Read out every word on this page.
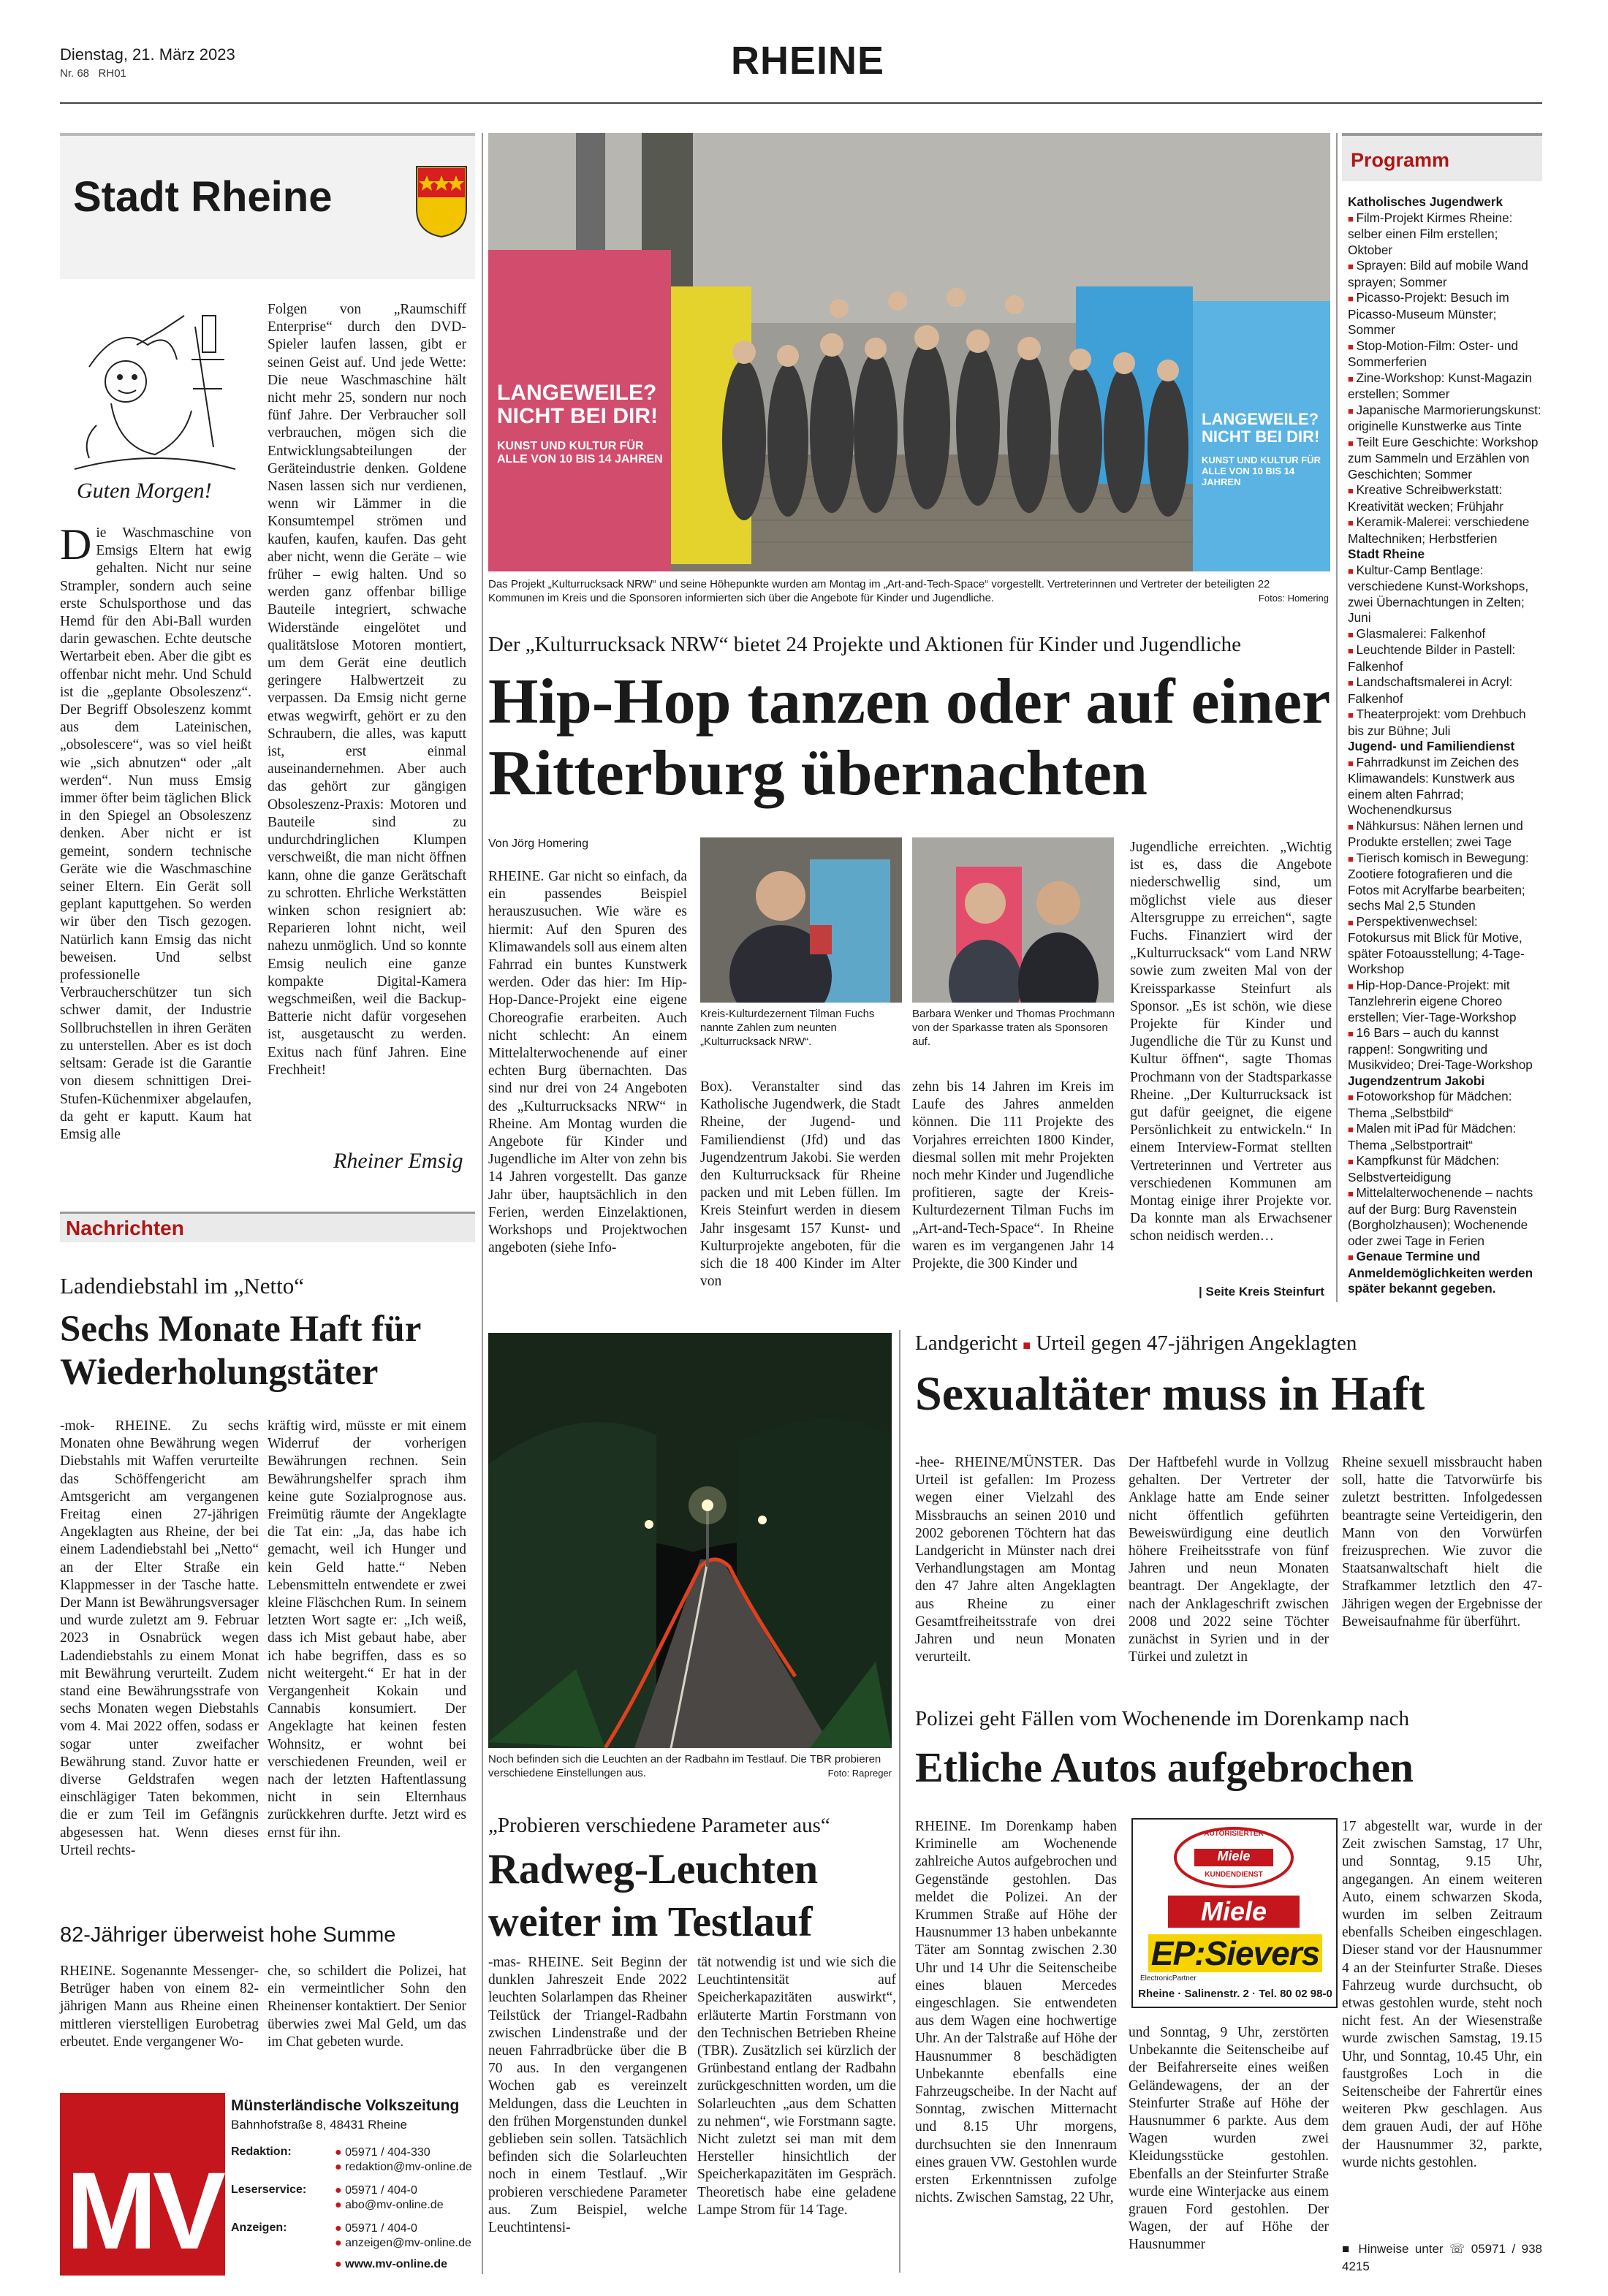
Dienstag, 21. März 2023
Nr. 68 RH01	RHEINE
Stadt Rheine
Guten Morgen!
Die Waschmaschine von Emsigs Eltern hat ewig gehalten. Nicht nur seine Strampler, sondern auch seine erste Schulsporthose und das Hemd für den Abi-Ball wurden darin gewaschen. Echte deutsche Wertarbeit eben. Aber die gibt es offenbar nicht mehr. Und Schuld ist die „geplante Obsoleszenz“. Der Begriff Obsoleszenz kommt aus dem Lateinischen, „obsolescere“, was so viel heißt wie „sich abnutzen“ oder „alt werden“. Nun muss Emsig immer öfter beim täglichen Blick in den Spiegel an Obsoleszenz denken. Aber nicht er ist gemeint, sondern technische Geräte wie die Waschmaschine seiner Eltern. Ein Gerät soll geplant kaputtgehen. So werden wir über den Tisch gezogen. Natürlich kann Emsig das nicht beweisen. Und selbst professionelle Verbraucherschützer tun sich schwer damit, der Industrie Sollbruchstellen in ihren Geräten zu unterstellen. Aber es ist doch seltsam: Gerade ist die Garantie von diesem schnittigen Drei-Stufen-Küchenmixer abgelaufen, da geht er kaputt. Kaum hat Emsig alle
Folgen von „Raumschiff Enterprise“ durch den DVD-Spieler laufen lassen, gibt er seinen Geist auf. Und jede Wette: Die neue Waschmaschine hält nicht mehr 25, sondern nur noch fünf Jahre. Der Verbraucher soll verbrauchen, mögen sich die Entwicklungsabteilungen der Geräteindustrie denken. Goldene Nasen lassen sich nur verdienen, wenn wir Lämmer in die Konsumtempel strömen und kaufen, kaufen, kaufen. Das geht aber nicht, wenn die Geräte – wie früher – ewig halten. Und so werden ganz offenbar billige Bauteile integriert, schwache Widerstände eingelötet und qualitätslose Motoren montiert, um dem Gerät eine deutlich geringere Halbwertzeit zu verpassen. Da Emsig nicht gerne etwas wegwirft, gehört er zu den Schraubern, die alles, was kaputt ist, erst einmal auseinandernehmen. Aber auch das gehört zur gängigen Obsoleszenz-Praxis: Motoren und Bauteile sind zu undurchdringlichen Klumpen verschweißt, die man nicht öffnen kann, ohne die ganze Gerätschaft zu schrotten. Ehrliche Werkstätten winken schon resigniert ab: Reparieren lohnt nicht, weil nahezu unmöglich. Und so konnte Emsig neulich eine ganze kompakte Digital-Kamera wegschmeißen, weil die Backup-Batterie nicht dafür vorgesehen ist, ausgetauscht zu werden. Exitus nach fünf Jahren. Eine Frechheit!
Rheiner Emsig
Nachrichten
Ladendiebstahl im „Netto“
Sechs Monate Haft für Wiederholungstäter
-mok- RHEINE. Zu sechs Monaten ohne Bewährung wegen Diebstahls mit Waffen verurteilte das Schöffengericht am Amtsgericht am vergangenen Freitag einen 27-jährigen Angeklagten aus Rheine, der bei einem Ladendiebstahl bei „Netto“ an der Elter Straße ein Klappmesser in der Tasche hatte. Der Mann ist Bewährungsversager und wurde zuletzt am 9. Februar 2023 in Osnabrück wegen Ladendiebstahls zu einem Monat mit Bewährung verurteilt. Zudem stand eine Bewährungsstrafe von sechs Monaten wegen Diebstahls vom 4. Mai 2022 offen, sodass er sogar unter zweifacher Bewährung stand. Zuvor hatte er diverse Geldstrafen wegen einschlägiger Taten bekommen, die er zum Teil im Gefängnis abgesessen hat. Wenn dieses Urteil rechts-
kräftig wird, müsste er mit einem Widerruf der vorherigen Bewährungen rechnen. Sein Bewährungshelfer sprach ihm keine gute Sozialprognose aus. Freimütig räumte der Angeklagte die Tat ein: „Ja, das habe ich gemacht, weil ich Hunger und kein Geld hatte.“ Neben Lebensmitteln entwendete er zwei kleine Fläschchen Rum. In seinem letzten Wort sagte er: „Ich weiß, dass ich Mist gebaut habe, aber ich habe begriffen, dass es so nicht weitergeht.“ Er hat in der Vergangenheit Kokain und Cannabis konsumiert. Der Angeklagte hat keinen festen Wohnsitz, er wohnt bei verschiedenen Freunden, weil er nach der letzten Haftentlassung nicht in sein Elternhaus zurückkehren durfte. Jetzt wird es ernst für ihn.
82-Jähriger überweist hohe Summe
RHEINE. Sogenannte Messenger-Betrüger haben von einem 82-jährigen Mann aus Rheine einen mittleren vierstelligen Eurobetrag erbeutet. Ende vergangener Wo-
che, so schildert die Polizei, hat ein vermeintlicher Sohn den Rheinenser kontaktiert. Der Senior überwies zwei Mal Geld, um das im Chat gebeten wurde.
MV
Münsterländische Volkszeitung
Bahnhofstraße 8, 48431 Rheine
Redaktion:	● 05971 / 404-330
● redaktion@mv-online.de
Leserservice: ● 05971 / 404-0
● abo@mv-online.de
Anzeigen:	● 05971 / 404-0
● anzeigen@mv-online.de
● www.mv-online.de
LANGEWEILE? NICHT BEI DIR!
KUNST UND KULTUR FÜR ALLE VON 10 BIS 14 JAHREN
LANGEWEILE? NICHT BEI DIR!
KUNST UND KULTUR FÜR ALLE VON 10 BIS 14 JAHREN
Das Projekt „Kulturrucksack NRW“ und seine Höhepunkte wurden am Montag im „Art-and-Tech-Space“ vorgestellt. Vertreterinnen und Vertreter der beteiligten 22 Kommunen im Kreis und die Sponsoren informierten sich über die Angebote für Kinder und Jugendliche.	Fotos: Homering
Der „Kulturrucksack NRW“ bietet 24 Projekte und Aktionen für Kinder und Jugendliche
Hip-Hop tanzen oder auf einer Ritterburg übernachten
Von Jörg Homering
RHEINE. Gar nicht so einfach, da ein passendes Beispiel herauszusuchen. Wie wäre es hiermit: Auf den Spuren des Klimawandels soll aus einem alten Fahrrad ein buntes Kunstwerk werden. Oder das hier: Im Hip-Hop-Dance-Projekt eine eigene Choreografie erarbeiten. Auch nicht schlecht: An einem Mittelalterwochenende auf einer echten Burg übernachten. Das sind nur drei von 24 Angeboten des „Kulturrucksacks NRW“ in Rheine. Am Montag wurden die Angebote für Kinder und Jugendliche im Alter von zehn bis 14 Jahren vorgestellt. Das ganze Jahr über, hauptsächlich in den Ferien, werden Einzelaktionen, Workshops und Projektwochen angeboten (siehe Info-
Kreis-Kulturdezernent Tilman Fuchs nannte Zahlen zum neunten „Kulturrucksack NRW“.
Barbara Wenker und Thomas Prochmann von der Sparkasse traten als Sponsoren auf.
Box). Veranstalter sind das Katholische Jugendwerk, die Stadt Rheine, der Jugend- und Familiendienst (Jfd) und das Jugendzentrum Jakobi. Sie werden den Kulturrucksack für Rheine packen und mit Leben füllen. Im Kreis Steinfurt werden in diesem Jahr insgesamt 157 Kunst- und Kulturprojekte angeboten, für die sich die 18 400 Kinder im Alter von
zehn bis 14 Jahren im Kreis im Laufe des Jahres anmelden können. Die 111 Projekte des Vorjahres erreichten 1800 Kinder, diesmal sollen mit mehr Projekten noch mehr Kinder und Jugendliche profitieren, sagte der Kreis-Kulturdezernent Tilman Fuchs im „Art-and-Tech-Space“. In Rheine waren es im vergangenen Jahr 14 Projekte, die 300 Kinder und
Jugendliche erreichten. „Wichtig ist es, dass die Angebote niederschwellig sind, um möglichst viele aus dieser Altersgruppe zu erreichen“, sagte Fuchs. Finanziert wird der „Kulturrucksack“ vom Land NRW sowie zum zweiten Mal von der Kreissparkasse Steinfurt als Sponsor. „Es ist schön, wie diese Projekte für Kinder und Jugendliche die Tür zu Kunst und Kultur öffnen“, sagte Thomas Prochmann von der Stadtsparkasse Rheine. „Der Kulturrucksack ist gut dafür geeignet, die eigene Persönlichkeit zu entwickeln.“ In einem Interview-Format stellten Vertreterinnen und Vertreter aus verschiedenen Kommunen am Montag einige ihrer Projekte vor. Da konnte man als Erwachsener schon neidisch werden…
| Seite Kreis Steinfurt
Programm
Katholisches Jugendwerk
■ Film-Projekt Kirmes Rheine: selber einen Film erstellen; Oktober
■ Sprayen: Bild auf mobile Wand sprayen; Sommer
■ Picasso-Projekt: Besuch im Picasso-Museum Münster; Sommer
■ Stop-Motion-Film: Oster- und Sommerferien
■ Zine-Workshop: Kunst-Magazin erstellen; Sommer
■ Japanische Marmorierungskunst: originelle Kunstwerke aus Tinte
■ Teilt Eure Geschichte: Workshop zum Sammeln und Erzählen von Geschichten; Sommer
■ Kreative Schreibwerkstatt: Kreativität wecken; Frühjahr
■ Keramik-Malerei: verschiedene Maltechniken; Herbstferien
Stadt Rheine
■ Kultur-Camp Bentlage: verschiedene Kunst-Workshops, zwei Übernachtungen in Zelten; Juni
■ Glasmalerei: Falkenhof
■ Leuchtende Bilder in Pastell: Falkenhof
■ Landschaftsmalerei in Acryl: Falkenhof
■ Theaterprojekt: vom Drehbuch bis zur Bühne; Juli
Jugend- und Familiendienst
■ Fahrradkunst im Zeichen des Klimawandels: Kunstwerk aus einem alten Fahrrad; Wochenendkursus
■ Nähkursus: Nähen lernen und Produkte erstellen; zwei Tage
■ Tierisch komisch in Bewegung: Zootiere fotografieren und die Fotos mit Acrylfarbe bearbeiten; sechs Mal 2,5 Stunden
■ Perspektivenwechsel: Fotokursus mit Blick für Motive, später Fotoausstellung; 4-Tage-Workshop
■ Hip-Hop-Dance-Projekt: mit Tanzlehrerin eigene Choreo erstellen; Vier-Tage-Workshop
■ 16 Bars – auch du kannst rappen!: Songwriting und Musikvideo; Drei-Tage-Workshop
Jugendzentrum Jakobi
■ Fotoworkshop für Mädchen: Thema „Selbstbild“
■ Malen mit iPad für Mädchen: Thema „Selbstportrait“
■ Kampfkunst für Mädchen: Selbstverteidigung
■ Mittelalterwochenende – nachts auf der Burg: Burg Ravenstein (Borgholzhausen); Wochenende oder zwei Tage in Ferien
■ Genaue Termine und Anmeldemöglichkeiten werden später bekannt gegeben.
Noch befinden sich die Leuchten an der Radbahn im Testlauf. Die TBR probieren verschiedene Einstellungen aus.	Foto: Rapreger
„Probieren verschiedene Parameter aus“
Radweg-Leuchten weiter im Testlauf
-mas- RHEINE. Seit Beginn der dunklen Jahreszeit Ende 2022 leuchten Solarlampen das Rheiner Teilstück der Triangel-Radbahn zwischen Lindenstraße und der neuen Fahrradbrücke über die B 70 aus. In den vergangenen Wochen gab es vereinzelt Meldungen, dass die Leuchten in den frühen Morgenstunden dunkel geblieben sein sollen. Tatsächlich befinden sich die Solarleuchten noch in einem Testlauf. „Wir probieren verschiedene Parameter aus. Zum Beispiel, welche Leuchtintensi-
tät notwendig ist und wie sich die Leuchtintensität auf Speicherkapazitäten auswirkt“, erläuterte Martin Forstmann von den Technischen Betrieben Rheine (TBR). Zusätzlich sei kürzlich der Grünbestand entlang der Radbahn zurückgeschnitten worden, um die Solarleuchten „aus dem Schatten zu nehmen“, wie Forstmann sagte. Nicht zuletzt sei man mit dem Hersteller hinsichtlich der Speicherkapazitäten im Gespräch. Theoretisch habe eine geladene Lampe Strom für 14 Tage.
Landgericht ■ Urteil gegen 47-jährigen Angeklagten
Sexualtäter muss in Haft
-hee- RHEINE/MÜNSTER. Das Urteil ist gefallen: Im Prozess wegen einer Vielzahl des Missbrauchs an seinen 2010 und 2002 geborenen Töchtern hat das Landgericht in Münster nach drei Verhandlungstagen am Montag den 47 Jahre alten Angeklagten aus Rheine zu einer Gesamtfreiheitsstrafe von drei Jahren und neun Monaten verurteilt.
Der Haftbefehl wurde in Vollzug gehalten. Der Vertreter der Anklage hatte am Ende seiner nicht öffentlich geführten Beweiswürdigung eine deutlich höhere Freiheitsstrafe von fünf Jahren und neun Monaten beantragt. Der Angeklagte, der nach der Anklageschrift zwischen 2008 und 2022 seine Töchter zunächst in Syrien und in der Türkei und zuletzt in
Rheine sexuell missbraucht haben soll, hatte die Tatvorwürfe bis zuletzt bestritten. Infolgedessen beantragte seine Verteidigerin, den Mann von den Vorwürfen freizusprechen. Wie zuvor die Staatsanwaltschaft hielt die Strafkammer letztlich den 47-Jährigen wegen der Ergebnisse der Beweisaufnahme für überführt.
Polizei geht Fällen vom Wochenende im Dorenkamp nach
Etliche Autos aufgebrochen
RHEINE. Im Dorenkamp haben Kriminelle am Wochenende zahlreiche Autos aufgebrochen und Gegenstände gestohlen. Das meldet die Polizei. An der Krummen Straße auf Höhe der Hausnummer 13 haben unbekannte Täter am Sonntag zwischen 2.30 Uhr und 14 Uhr die Seitenscheibe eines blauen Mercedes eingeschlagen. Sie entwendeten aus dem Wagen eine hochwertige Uhr. An der Talstraße auf Höhe der Hausnummer 8 beschädigten Unbekannte ebenfalls eine Fahrzeugscheibe. In der Nacht auf Sonntag, zwischen Mitternacht und 8.15 Uhr morgens, durchsuchten sie den Innenraum eines grauen VW. Gestohlen wurde ersten Erkenntnissen zufolge nichts. Zwischen Samstag, 22 Uhr,
und Sonntag, 9 Uhr, zerstörten Unbekannte die Seitenscheibe auf der Beifahrerseite eines weißen Geländewagens, der an der Steinfurter Straße auf Höhe der Hausnummer 6 parkte. Aus dem Wagen wurden zwei Kleidungsstücke gestohlen. Ebenfalls an der Steinfurter Straße wurde eine Winterjacke aus einem grauen Ford gestohlen. Der Wagen, der auf Höhe der Hausnummer
17 abgestellt war, wurde in der Zeit zwischen Samstag, 17 Uhr, und Sonntag, 9.15 Uhr, angegangen. An einem weiteren Auto, einem schwarzen Skoda, wurden im selben Zeitraum ebenfalls Scheiben eingeschlagen. Dieser stand vor der Hausnummer 4 an der Steinfurter Straße. Dieses Fahrzeug wurde durchsucht, ob etwas gestohlen wurde, steht noch nicht fest. An der Wiesenstraße wurde zwischen Samstag, 19.15 Uhr, und Sonntag, 10.45 Uhr, ein faustgroßes Loch in die Seitenscheibe der Fahrertür eines weiteren Pkw geschlagen. Aus dem grauen Audi, der auf Höhe der Hausnummer 32, parkte, wurde nichts gestohlen.
■ Hinweise unter ☏ 05971 / 938 4215
AUTORISIERTER
Miele
KUNDENDIENST
Miele
EP:Sievers
ElectronicPartner
Rheine · Salinenstr. 2 · Tel. 80 02 98-0
